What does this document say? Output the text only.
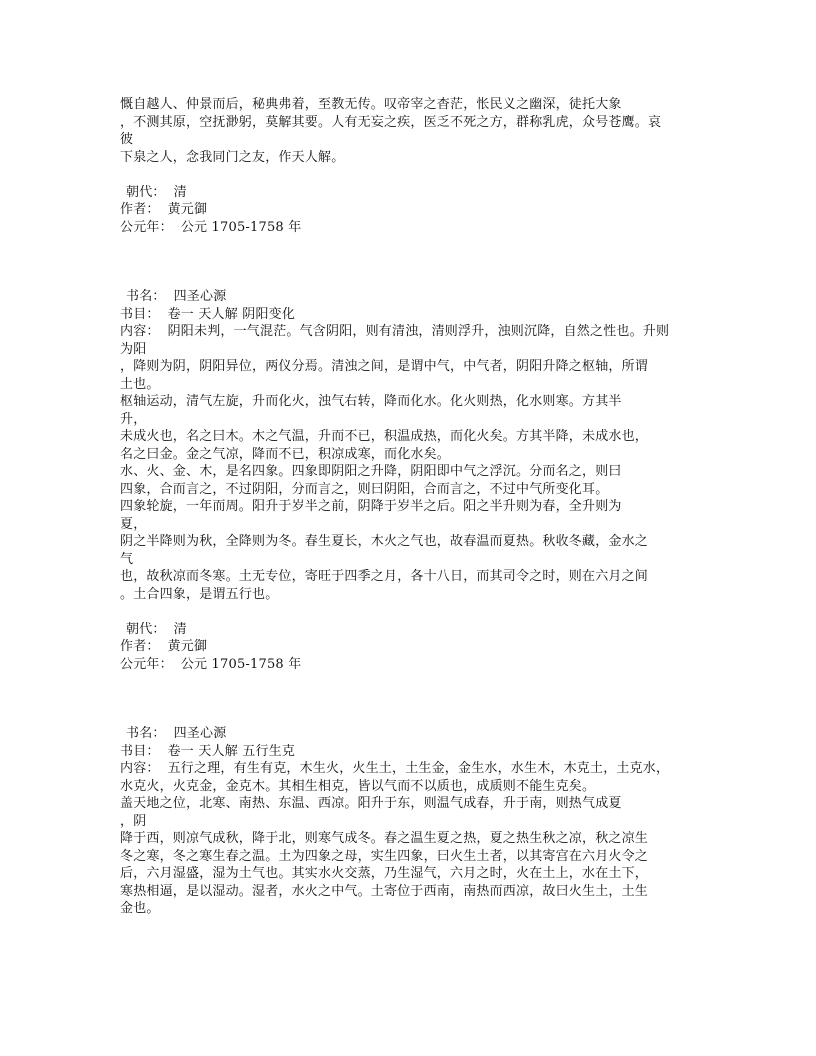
慨自越人、仲景而后，秘典弗着，至教无传。叹帝宰之杳茫，怅民义之幽深，徒托大象
，不测其原，空抚渺躬，莫解其要。人有无妄之疾，医乏不死之方，群称乳虎，众号苍鹰。哀
彼
下泉之人，念我同门之友，作天人解。
朝代： 清
作者： 黄元御
公元年： 公元 1705-1758 年
书名： 四圣心源
书目： 卷一 天人解 阴阳变化
内容： 阴阳未判，一气混茫。气含阴阳，则有清浊，清则浮升，浊则沉降，自然之性也。升则
为阳
，降则为阴，阴阳异位，两仪分焉。清浊之间，是谓中气，中气者，阴阳升降之枢轴，所谓
土也。
枢轴运动，清气左旋，升而化火，浊气右转，降而化水。化火则热，化水则寒。方其半
升，
未成火也，名之曰木。木之气温，升而不已，积温成热，而化火矣。方其半降，未成水也，
名之曰金。金之气凉，降而不已，积凉成寒，而化水矣。
水、火、金、木，是名四象。四象即阴阳之升降，阴阳即中气之浮沉。分而名之，则曰
四象，合而言之，不过阴阳，分而言之，则曰阴阳，合而言之，不过中气所变化耳。
四象轮旋，一年而周。阳升于岁半之前，阴降于岁半之后。阳之半升则为春，全升则为
夏，
阴之半降则为秋，全降则为冬。春生夏长，木火之气也，故春温而夏热。秋收冬藏，金水之
气
也，故秋凉而冬寒。土无专位，寄旺于四季之月，各十八日，而其司令之时，则在六月之间
。土合四象，是谓五行也。
朝代： 清
作者： 黄元御
公元年： 公元 1705-1758 年
书名： 四圣心源
书目： 卷一 天人解 五行生克
内容： 五行之理，有生有克，木生火，火生土，土生金，金生水，水生木，木克土，土克水，
水克火，火克金，金克木。其相生相克，皆以气而不以质也，成质则不能生克矣。
盖天地之位，北寒、南热、东温、西凉。阳升于东，则温气成春，升于南，则热气成夏
，阴
降于西，则凉气成秋，降于北，则寒气成冬。春之温生夏之热，夏之热生秋之凉，秋之凉生
冬之寒，冬之寒生春之温。土为四象之母，实生四象，曰火生土者，以其寄宫在六月火令之
后，六月湿盛，湿为土气也。其实水火交蒸，乃生湿气，六月之时，火在土上，水在土下，
寒热相逼，是以湿动。湿者，水火之中气。土寄位于西南，南热而西凉，故曰火生土，土生
金也。
